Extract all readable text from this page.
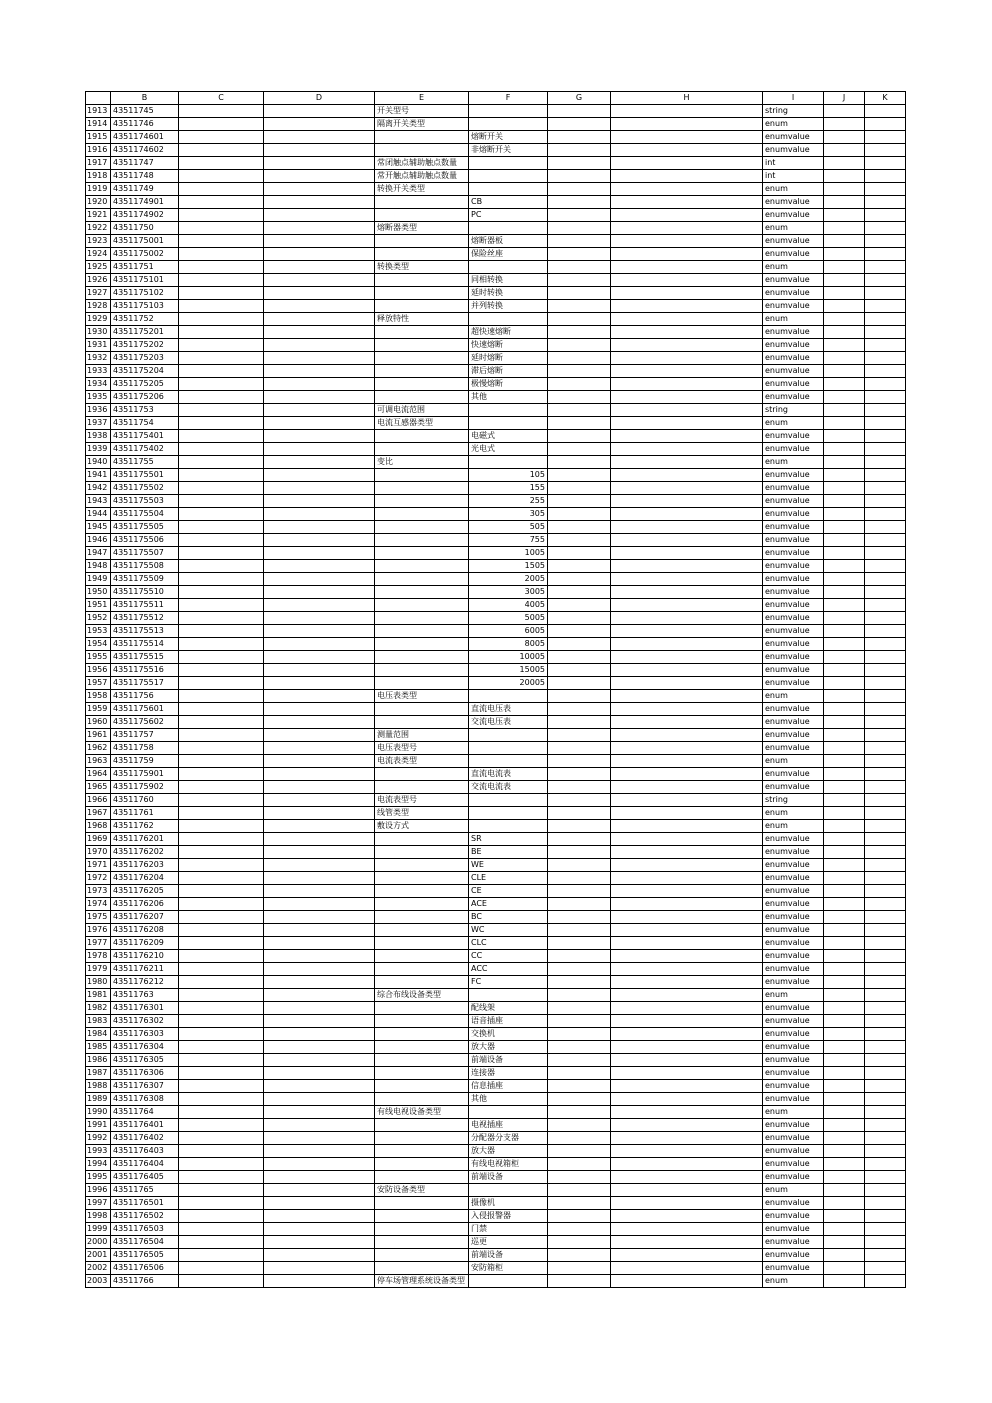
	B	C	D	E	F	G	H	I	J	K
1913	43511745			开关型号				string		
1914	43511746			隔离开关类型				enum		
1915	4351174601				熔断开关			enumvalue		
1916	4351174602				非熔断开关			enumvalue		
1917	43511747			常闭触点辅助触点数量				int		
1918	43511748			常开触点辅助触点数量				int		
1919	43511749			转换开关类型				enum		
1920	4351174901				CB			enumvalue		
1921	4351174902				PC			enumvalue		
1922	43511750			熔断器类型				enum		
1923	4351175001				熔断器板			enumvalue		
1924	4351175002				保险丝座			enumvalue		
1925	43511751			转换类型				enum		
1926	4351175101				同相转换			enumvalue		
1927	4351175102				延时转换			enumvalue		
1928	4351175103				并列转换			enumvalue		
1929	43511752			释放特性				enum		
1930	4351175201				超快速熔断			enumvalue		
1931	4351175202				快速熔断			enumvalue		
1932	4351175203				延时熔断			enumvalue		
1933	4351175204				滞后熔断			enumvalue		
1934	4351175205				极慢熔断			enumvalue		
1935	4351175206				其他			enumvalue		
1936	43511753			可调电流范围				string		
1937	43511754			电流互感器类型				enum		
1938	4351175401				电磁式			enumvalue		
1939	4351175402				光电式			enumvalue		
1940	43511755			变比				enum		
1941	4351175501				105			enumvalue		
1942	4351175502				155			enumvalue		
1943	4351175503				255			enumvalue		
1944	4351175504				305			enumvalue		
1945	4351175505				505			enumvalue		
1946	4351175506				755			enumvalue		
1947	4351175507				1005			enumvalue		
1948	4351175508				1505			enumvalue		
1949	4351175509				2005			enumvalue		
1950	4351175510				3005			enumvalue		
1951	4351175511				4005			enumvalue		
1952	4351175512				5005			enumvalue		
1953	4351175513				6005			enumvalue		
1954	4351175514				8005			enumvalue		
1955	4351175515				10005			enumvalue		
1956	4351175516				15005			enumvalue		
1957	4351175517				20005			enumvalue		
1958	43511756			电压表类型				enum		
1959	4351175601				直流电压表			enumvalue		
1960	4351175602				交流电压表			enumvalue		
1961	43511757			测量范围				enumvalue		
1962	43511758			电压表型号				enumvalue		
1963	43511759			电流表类型				enum		
1964	4351175901				直流电流表			enumvalue		
1965	4351175902				交流电流表			enumvalue		
1966	43511760			电流表型号				string		
1967	43511761			线管类型				enum		
1968	43511762			敷设方式				enum		
1969	4351176201				SR			enumvalue		
1970	4351176202				BE			enumvalue		
1971	4351176203				WE			enumvalue		
1972	4351176204				CLE			enumvalue		
1973	4351176205				CE			enumvalue		
1974	4351176206				ACE			enumvalue		
1975	4351176207				BC			enumvalue		
1976	4351176208				WC			enumvalue		
1977	4351176209				CLC			enumvalue		
1978	4351176210				CC			enumvalue		
1979	4351176211				ACC			enumvalue		
1980	4351176212				FC			enumvalue		
1981	43511763			综合布线设备类型				enum		
1982	4351176301				配线架			enumvalue		
1983	4351176302				语音插座			enumvalue		
1984	4351176303				交换机			enumvalue		
1985	4351176304				放大器			enumvalue		
1986	4351176305				前端设备			enumvalue		
1987	4351176306				连接器			enumvalue		
1988	4351176307				信息插座			enumvalue		
1989	4351176308				其他			enumvalue		
1990	43511764			有线电视设备类型				enum		
1991	4351176401				电视插座			enumvalue		
1992	4351176402				分配器分支器			enumvalue		
1993	4351176403				放大器			enumvalue		
1994	4351176404				有线电视箱柜			enumvalue		
1995	4351176405				前端设备			enumvalue		
1996	43511765			安防设备类型				enum		
1997	4351176501				摄像机			enumvalue		
1998	4351176502				入侵报警器			enumvalue		
1999	4351176503				门禁			enumvalue		
2000	4351176504				巡更			enumvalue		
2001	4351176505				前端设备			enumvalue		
2002	4351176506				安防箱柜			enumvalue		
2003	43511766			停车场管理系统设备类型				enum		
